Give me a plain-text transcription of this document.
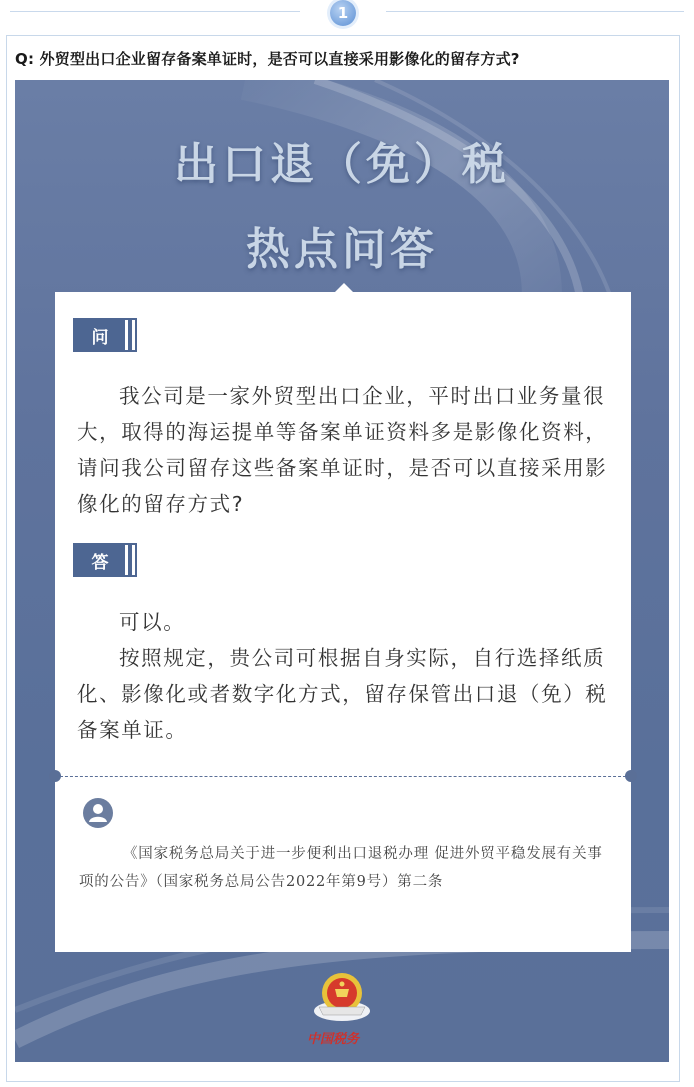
1
Q: 外贸型出口企业留存备案单证时，是否可以直接采用影像化的留存方式?
出口退（免）税
热点问答
问
我公司是一家外贸型出口企业，平时出口业务量很大，取得的海运提单等备案单证资料多是影像化资料，请问我公司留存这些备案单证时，是否可以直接采用影像化的留存方式?
答
可以。
按照规定，贵公司可根据自身实际，自行选择纸质化、影像化或者数字化方式，留存保管出口退（免）税备案单证。
《国家税务总局关于进一步便利出口退税办理 促进外贸平稳发展有关事项的公告》（国家税务总局公告2022年第9号）第二条
中国税务
